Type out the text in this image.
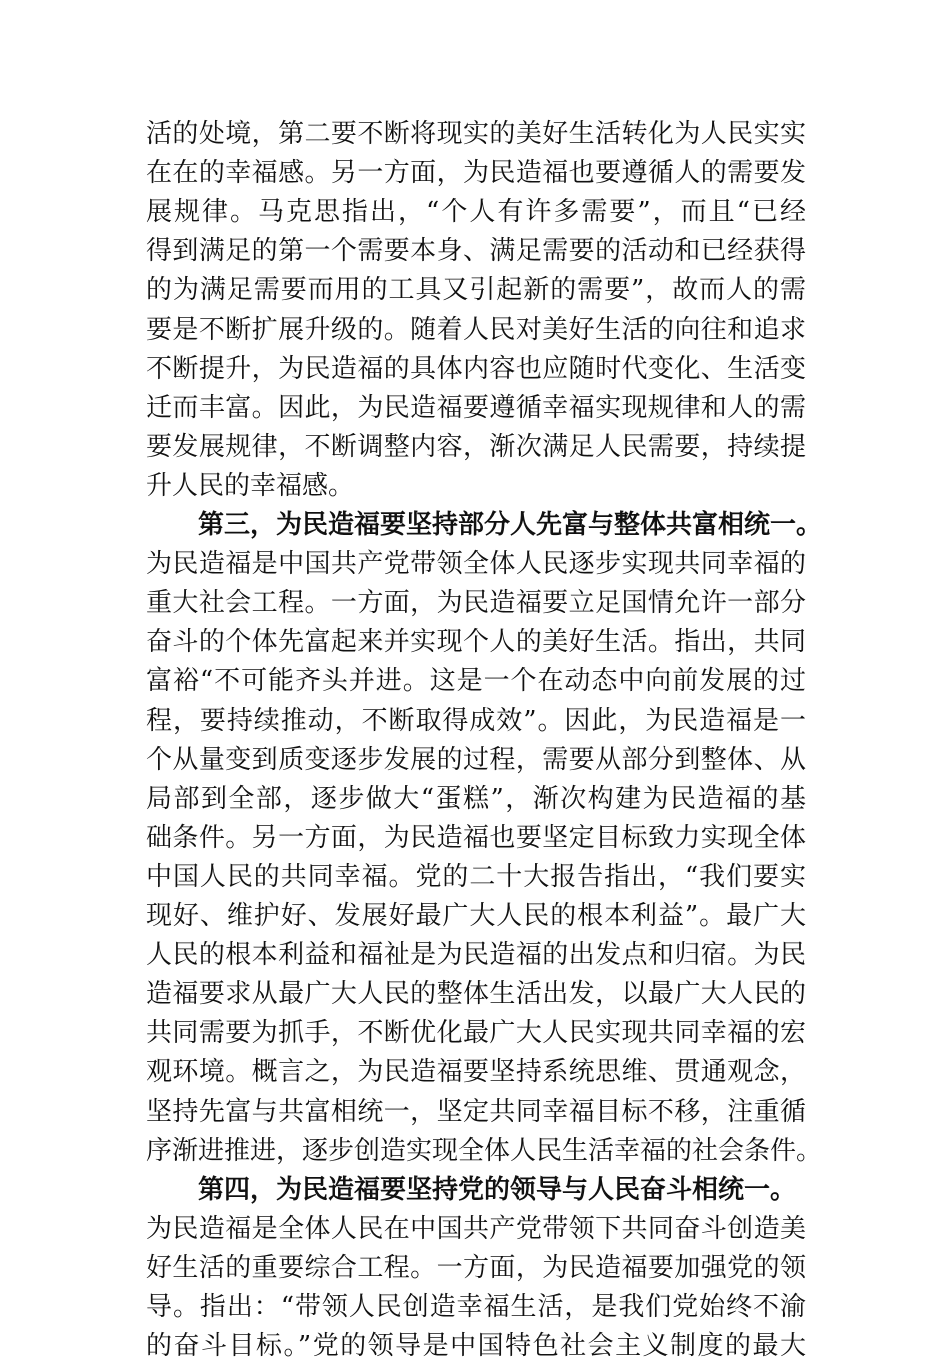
活的处境，第二要不断将现实的美好生活转化为人民实实
在在的幸福感。另一方面，为民造福也要遵循人的需要发
展规律。马克思指出，“个人有许多需要”，而且“已经
得到满足的第一个需要本身、满足需要的活动和已经获得
的为满足需要而用的工具又引起新的需要”，故而人的需
要是不断扩展升级的。随着人民对美好生活的向往和追求
不断提升，为民造福的具体内容也应随时代变化、生活变
迁而丰富。因此，为民造福要遵循幸福实现规律和人的需
要发展规律，不断调整内容，渐次满足人民需要，持续提
升人民的幸福感。
第三，为民造福要坚持部分人先富与整体共富相统一。
为民造福是中国共产党带领全体人民逐步实现共同幸福的
重大社会工程。一方面，为民造福要立足国情允许一部分
奋斗的个体先富起来并实现个人的美好生活。指出，共同
富裕“不可能齐头并进。这是一个在动态中向前发展的过
程，要持续推动，不断取得成效”。因此，为民造福是一
个从量变到质变逐步发展的过程，需要从部分到整体、从
局部到全部，逐步做大“蛋糕”，渐次构建为民造福的基
础条件。另一方面，为民造福也要坚定目标致力实现全体
中国人民的共同幸福。党的二十大报告指出，“我们要实
现好、维护好、发展好最广大人民的根本利益”。最广大
人民的根本利益和福祉是为民造福的出发点和归宿。为民
造福要求从最广大人民的整体生活出发，以最广大人民的
共同需要为抓手，不断优化最广大人民实现共同幸福的宏
观环境。概言之，为民造福要坚持系统思维、贯通观念，
坚持先富与共富相统一，坚定共同幸福目标不移，注重循
序渐进推进，逐步创造实现全体人民生活幸福的社会条件。
第四，为民造福要坚持党的领导与人民奋斗相统一。
为民造福是全体人民在中国共产党带领下共同奋斗创造美
好生活的重要综合工程。一方面，为民造福要加强党的领
导。指出：“带领人民创造幸福生活，是我们党始终不渝
的奋斗目标。”党的领导是中国特色社会主义制度的最大
